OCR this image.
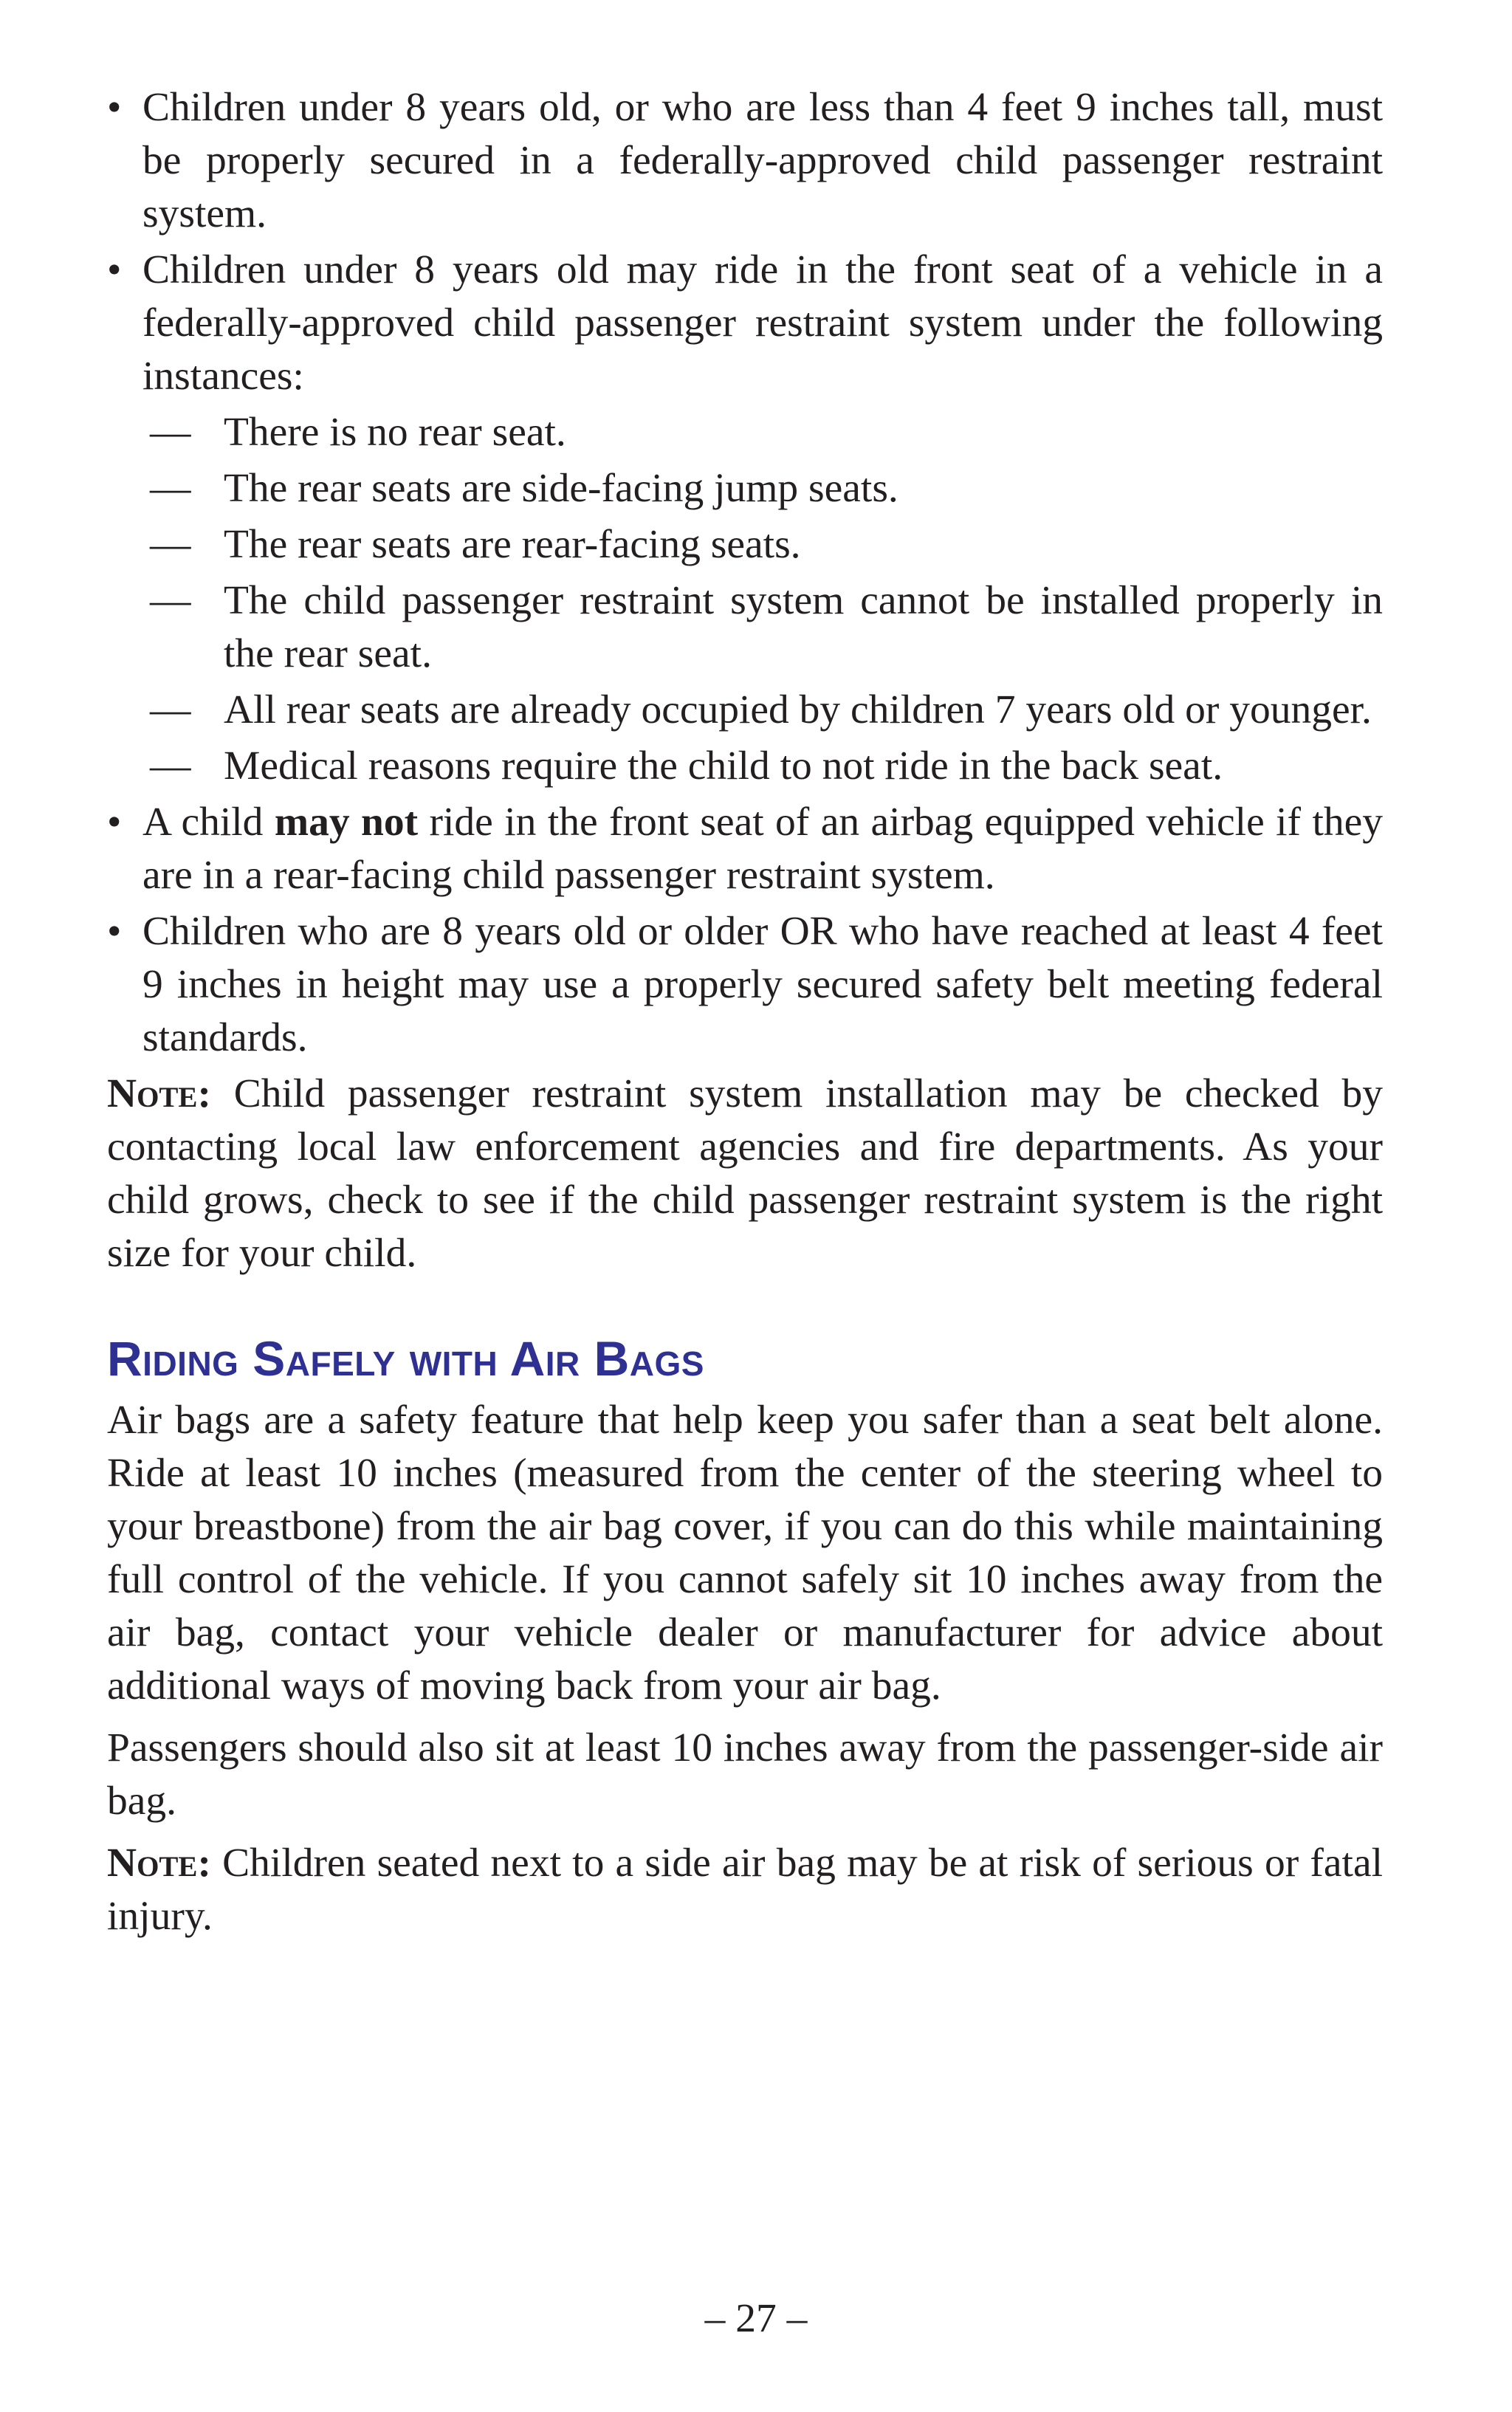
• Children under 8 years old, or who are less than 4 feet 9 inches tall, must be properly secured in a federally-approved child passenger restraint system.
• Children under 8 years old may ride in the front seat of a vehicle in a federally-approved child passenger restraint system under the following instances:
— There is no rear seat.
— The rear seats are side-facing jump seats.
— The rear seats are rear-facing seats.
— The child passenger restraint system cannot be installed properly in the rear seat.
— All rear seats are already occupied by children 7 years old or younger.
— Medical reasons require the child to not ride in the back seat.
• A child may not ride in the front seat of an airbag equipped vehicle if they are in a rear-facing child passenger restraint system.
• Children who are 8 years old or older OR who have reached at least 4 feet 9 inches in height may use a properly secured safety belt meeting federal standards.

Note: Child passenger restraint system installation may be checked by contacting local law enforcement agencies and fire departments. As your child grows, check to see if the child passenger restraint system is the right size for your child.

Riding Safely with Air Bags

Air bags are a safety feature that help keep you safer than a seat belt alone. Ride at least 10 inches (measured from the center of the steering wheel to your breastbone) from the air bag cover, if you can do this while maintaining full control of the vehicle. If you cannot safely sit 10 inches away from the air bag, contact your vehicle dealer or manufacturer for advice about additional ways of moving back from your air bag.

Passengers should also sit at least 10 inches away from the passenger-side air bag.

Note: Children seated next to a side air bag may be at risk of serious or fatal injury.

– 27 –
